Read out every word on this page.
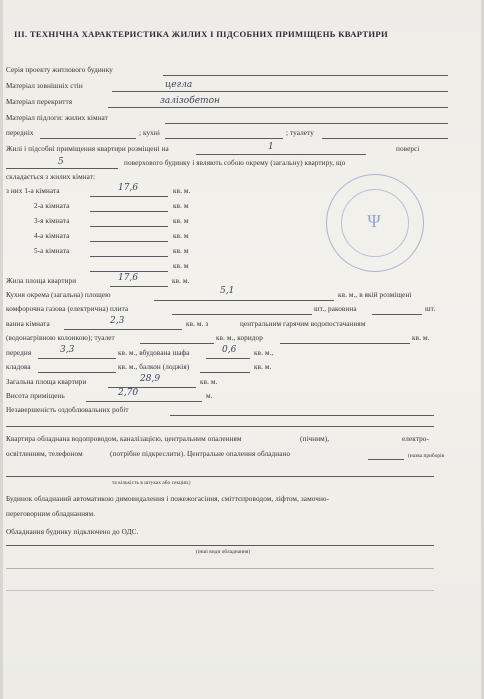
III. ТЕХНІЧНА ХАРАКТЕРИСТИКА ЖИЛИХ І ПІДСОБНИХ ПРИМІЩЕНЬ КВАРТИРИ
Серія проекту житлового будинку
Матеріал зовнішніх стін	цегла
Матеріал перекриття	залізобетон
Матеріал підлоги: жилих кімнат
передніх	; кухні	; туалету
Жилі і підсобні приміщення квартири розміщені на	1	поверсі
5	поверхового будинку і являють собою окрему (загальну) квартиру, що
складається з жилих кімнат:
з них 1-а кімната	17,6	кв. м.
2-а кімната	кв. м
3-я кімната	кв. м
4-а кімната	кв. м
5-а кімната	кв. м
кв. м
Ψ
Жила площа квартири	17,6	кв. м.
Кухня окрема (загальна) площею	5,1	кв. м., в якій розміщені
комфорочна газова (електрична) плита	шт., раковина	шт.
ванна кімната	2,3	кв. м. з	центральним гарячим водопостачанням
(водонагрівною колонкою); туалет	кв. м., коридор	кв. м.
передня	3,3	кв. м., вбудована шафа	0,6 кв. м.,
кладова	кв. м., балкон (лоджія)	кв. м.
Загальна площа квартири	28,9	кв. м.
Висота приміщень	2,70	м.
Незавершеність оздоблювальних робіт
Квартира обладнана водопроводом, каналізацією, центральним опаленням	(пічним),	електро-
освітленням, телефоном	(потрібне підкреслити). Центральне опалення обладнано	(назва приборів
та кількість в штуках або секціях)
Будинок обладнаний автоматикою димовидалення і пожежогасіння, сміттєпроводом, ліфтом, замочно-
переговорним обладнанням.
Обладнання будинку підключено до ОДС.
(інші види обладнання)
